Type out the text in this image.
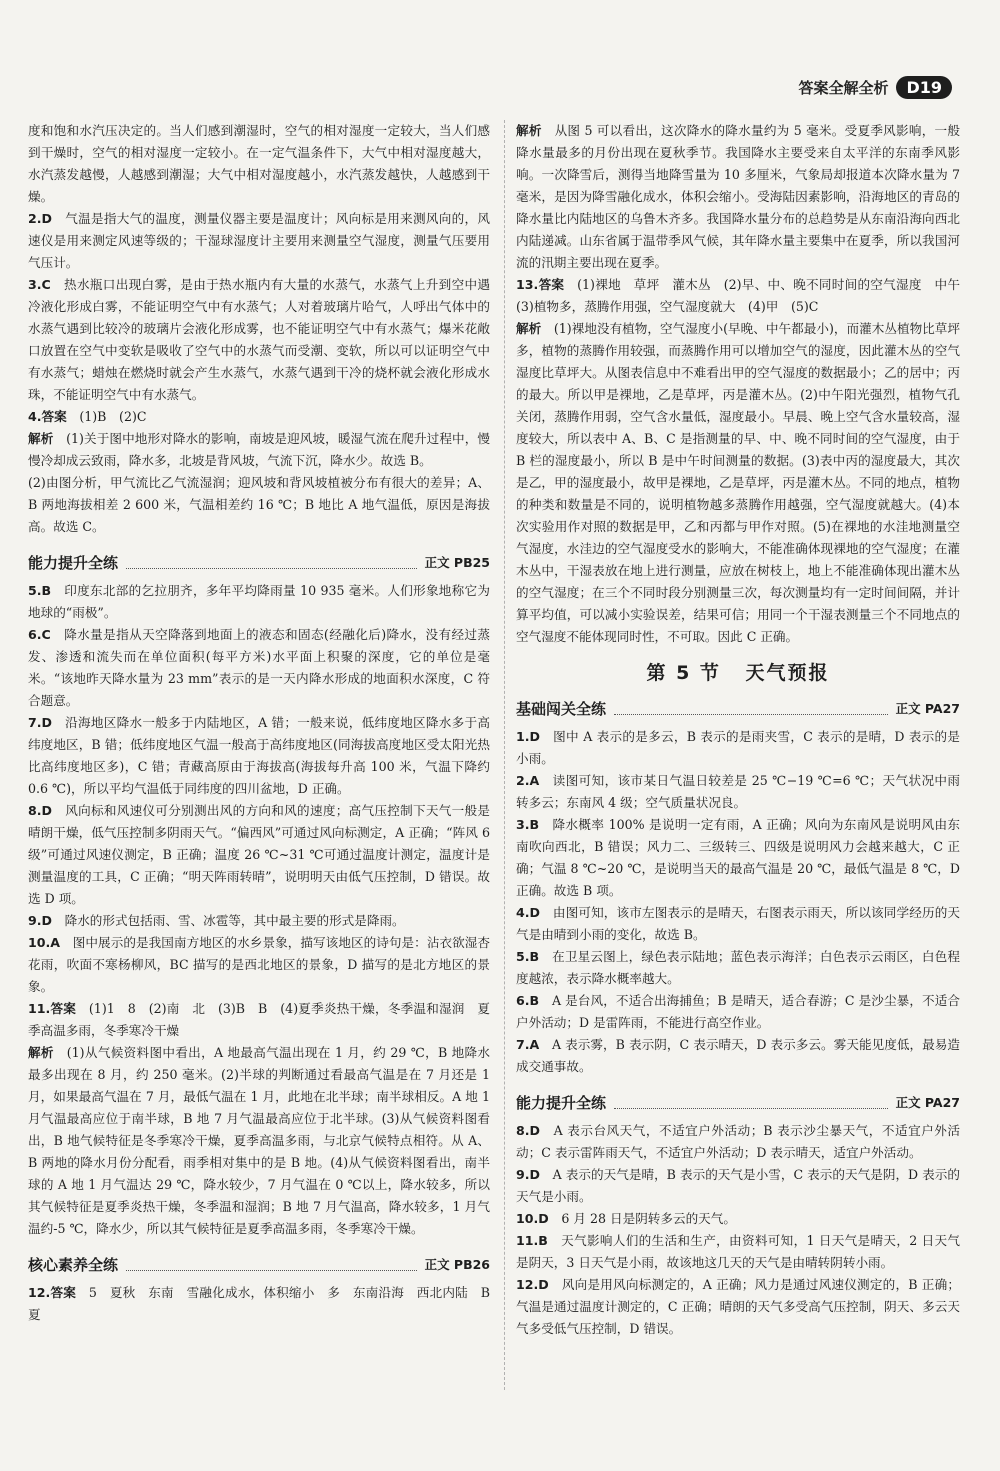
答案全解全析	D19

度和饱和水汽压决定的。当人们感到潮湿时，空气的相对湿度一定较大，当人们感到干燥时，空气的相对湿度一定较小。在一定气温条件下，大气中相对湿度越大，水汽蒸发越慢，人越感到潮湿；大气中相对湿度越小，水汽蒸发越快，人越感到干燥。

2.D　 气温是指大气的温度，测量仪器主要是温度计；风向标是用来测风向的，风速仪是用来测定风速等级的；干湿球湿度计主要用来测量空气湿度，测量气压要用气压计。

3.C　 热水瓶口出现白雾，是由于热水瓶内有大量的水蒸气，水蒸气上升到空中遇冷液化形成白雾，不能证明空气中有水蒸气；人对着玻璃片哈气，人呼出气体中的水蒸气遇到比较冷的玻璃片会液化形成雾，也不能证明空气中有水蒸气；爆米花敞口放置在空气中变软是吸收了空气中的水蒸气而受潮、变软，所以可以证明空气中有水蒸气；蜡烛在燃烧时就会产生水蒸气，水蒸气遇到干冷的烧杯就会液化形成水珠，不能证明空气中有水蒸气。

4.答案　 (1)B　(2)C

解析　 (1)关于图中地形对降水的影响，南坡是迎风坡，暖湿气流在爬升过程中，慢慢冷却成云致雨，降水多，北坡是背风坡，气流下沉，降水少。故选 B。

(2)由图分析，甲气流比乙气流湿润；迎风坡和背风坡植被分布有很大的差异；A、B 两地海拔相差 2 600 米，气温相差约 16 ℃；B 地比 A 地气温低，原因是海拔高。故选 C。

能力提升全练	正文 PB25

5.B　 印度东北部的乞拉朋齐，多年平均降雨量 10 935 毫米。人们形象地称它为地球的“雨极”。

6.C　 降水量是指从天空降落到地面上的液态和固态(经融化后)降水，没有经过蒸发、渗透和流失而在单位面积(每平方米)水平面上积聚的深度，它的单位是毫米。“该地昨天降水量为 23 mm”表示的是一天内降水形成的地面积水深度，C 符合题意。

7.D　 沿海地区降水一般多于内陆地区，A 错；一般来说，低纬度地区降水多于高纬度地区，B 错；低纬度地区气温一般高于高纬度地区(同海拔高度地区受太阳光热比高纬度地区多)，C 错；青藏高原由于海拔高(海拔每升高 100 米，气温下降约 0.6 ℃)，所以平均气温低于同纬度的四川盆地，D 正确。

8.D　 风向标和风速仪可分别测出风的方向和风的速度；高气压控制下天气一般是晴朗干燥，低气压控制多阴雨天气。“偏西风”可通过风向标测定，A 正确；“阵风 6 级”可通过风速仪测定，B 正确；温度 26 ℃~31 ℃可通过温度计测定，温度计是测量温度的工具，C 正确；“明天阵雨转晴”，说明明天由低气压控制，D 错误。故选 D 项。

9.D　 降水的形式包括雨、雪、冰雹等，其中最主要的形式是降雨。

10.A　 图中展示的是我国南方地区的水乡景象，描写该地区的诗句是：沾衣欲湿杏花雨，吹面不寒杨柳风，BC 描写的是西北地区的景象，D 描写的是北方地区的景象。

11.答案　 (1)1　8　(2)南　北　(3)B　B　(4)夏季炎热干燥，冬季温和湿润　夏季高温多雨，冬季寒冷干燥

解析　 (1)从气候资料图中看出，A 地最高气温出现在 1 月，约 29 ℃，B 地降水最多出现在 8 月，约 250 毫米。(2)半球的判断通过看最高气温是在 7 月还是 1 月，如果最高气温在 7 月，最低气温在 1 月，此地在北半球；南半球相反。A 地 1 月气温最高应位于南半球，B 地 7 月气温最高应位于北半球。(3)从气候资料图看出，B 地气候特征是冬季寒冷干燥，夏季高温多雨，与北京气候特点相符。从 A、B 两地的降水月份分配看，雨季相对集中的是 B 地。(4)从气候资料图看出，南半球的 A 地 1 月气温达 29 ℃，降水较少，7 月气温在 0 ℃以上，降水较多，所以其气候特征是夏季炎热干燥，冬季温和湿润；B 地 7 月气温高，降水较多，1 月气温约-5 ℃，降水少，所以其气候特征是夏季高温多雨，冬季寒冷干燥。

核心素养全练	正文 PB26

12.答案　 5　夏秋　东南　雪融化成水，体积缩小　多　东南沿海　西北内陆　B　夏

解析　 从图 5 可以看出，这次降水的降水量约为 5 毫米。受夏季风影响，一般降水量最多的月份出现在夏秋季节。我国降水主要受来自太平洋的东南季风影响。一次降雪后，测得当地降雪量为 10 多厘米，气象局却报道本次降水量为 7 毫米，是因为降雪融化成水，体积会缩小。受海陆因素影响，沿海地区的青岛的降水量比内陆地区的乌鲁木齐多。我国降水量分布的总趋势是从东南沿海向西北内陆递减。山东省属于温带季风气候，其年降水量主要集中在夏季，所以我国河流的汛期主要出现在夏季。

13.答案　 (1)裸地　草坪　灌木丛　(2)早、中、晚不同时间的空气湿度　中午　(3)植物多，蒸腾作用强，空气湿度就大　(4)甲　(5)C

解析　 (1)裸地没有植物，空气湿度小(早晚、中午都最小)，而灌木丛植物比草坪多，植物的蒸腾作用较强，而蒸腾作用可以增加空气的湿度，因此灌木丛的空气湿度比草坪大。从图表信息中不难看出甲的空气湿度的数据最小；乙的居中；丙的最大。所以甲是裸地，乙是草坪，丙是灌木丛。(2)中午阳光强烈，植物气孔关闭，蒸腾作用弱，空气含水量低，湿度最小。早晨、晚上空气含水量较高，湿度较大，所以表中 A、B、C 是指测量的早、中、晚不同时间的空气湿度，由于 B 栏的湿度最小，所以 B 是中午时间测量的数据。(3)表中丙的湿度最大，其次是乙，甲的湿度最小，故甲是裸地，乙是草坪，丙是灌木丛。不同的地点，植物的种类和数量是不同的，说明植物越多蒸腾作用越强，空气湿度就越大。(4)本次实验用作对照的数据是甲，乙和丙都与甲作对照。(5)在裸地的水洼地测量空气湿度，水洼边的空气湿度受水的影响大，不能准确体现裸地的空气湿度；在灌木丛中，干湿表放在地上进行测量，应放在树枝上，地上不能准确体现出灌木丛的空气湿度；在三个不同时段分别测量三次，每次测量均有一定时间间隔，并计算平均值，可以减小实验误差，结果可信；用同一个干湿表测量三个不同地点的空气湿度不能体现同时性，不可取。因此 C 正确。

第 5 节 天气预报
基础闯关全练	正文 PA27

1.D　 图中 A 表示的是多云，B 表示的是雨夹雪，C 表示的是晴，D 表示的是小雨。

2.A　 读图可知，该市某日气温日较差是 25 ℃−19 ℃=6 ℃；天气状况中雨转多云；东南风 4 级；空气质量状况良。

3.B　 降水概率 100% 是说明一定有雨，A 正确；风向为东南风是说明风由东南吹向西北，B 错误；风力二、三级转三、四级是说明风力会越来越大，C 正确；气温 8 ℃~20 ℃，是说明当天的最高气温是 20 ℃，最低气温是 8 ℃，D 正确。故选 B 项。

4.D　 由图可知，该市左图表示的是晴天，右图表示雨天，所以该同学经历的天气是由晴到小雨的变化，故选 B。

5.B　 在卫星云图上，绿色表示陆地；蓝色表示海洋；白色表示云雨区，白色程度越浓，表示降水概率越大。

6.B　 A 是台风，不适合出海捕鱼；B 是晴天，适合春游；C 是沙尘暴，不适合户外活动；D 是雷阵雨，不能进行高空作业。

7.A　 A 表示雾，B 表示阴，C 表示晴天，D 表示多云。雾天能见度低，最易造成交通事故。

能力提升全练	正文 PA27

8.D　 A 表示台风天气，不适宜户外活动；B 表示沙尘暴天气，不适宜户外活动；C 表示雷阵雨天气，不适宜户外活动；D 表示晴天，适宜户外活动。

9.D　 A 表示的天气是晴，B 表示的天气是小雪，C 表示的天气是阴，D 表示的天气是小雨。

10.D　 6 月 28 日是阴转多云的天气。

11.B　 天气影响人们的生活和生产，由资料可知，1 日天气是晴天，2 日天气是阴天，3 日天气是小雨，故该地这几天的天气是由晴转阴转小雨。

12.D　 风向是用风向标测定的，A 正确；风力是通过风速仪测定的，B 正确；气温是通过温度计测定的，C 正确；晴朗的天气多受高气压控制，阴天、多云天气多受低气压控制，D 错误。
